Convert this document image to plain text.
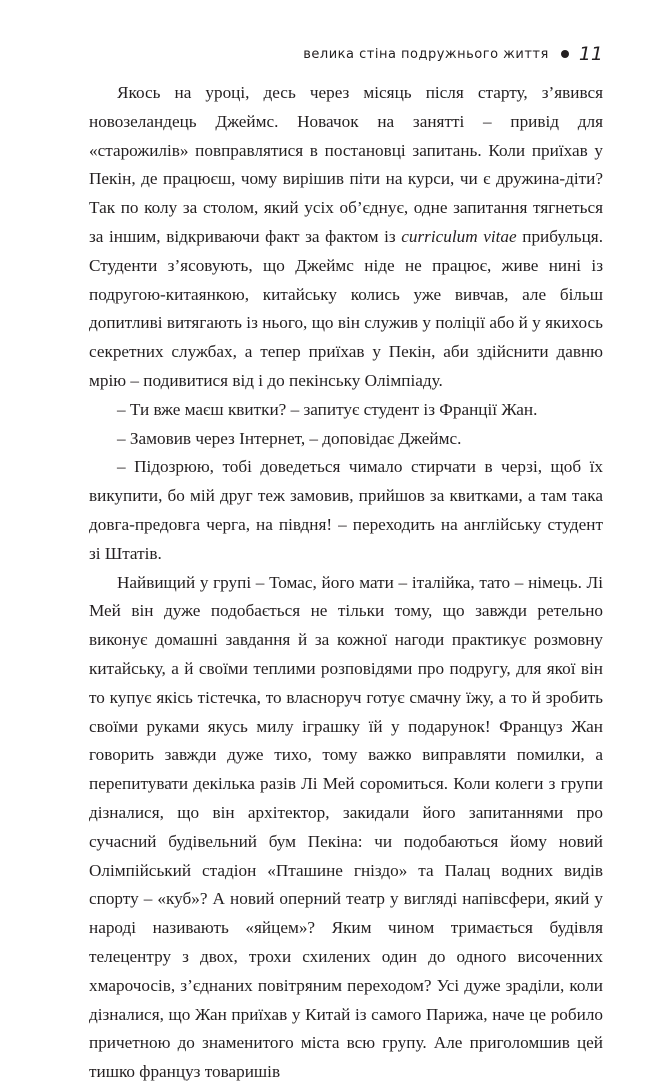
велика стіна подружнього життя 11

Якось на уроці, десь через місяць після старту, з’явився новозеландець Джеймс. Новачок на занятті – привід для «старожилів» повправлятися в постановці запитань. Коли приїхав у Пекін, де працюєш, чому вирішив піти на курси, чи є дружина-діти? Так по колу за столом, який усіх об’єднує, одне запитання тягнеться за іншим, відкриваючи факт за фактом із curriculum vitae прибульця. Студенти з’ясовують, що Джеймс ніде не працює, живе нині із подругою-китаянкою, китайську колись уже вивчав, але більш допитливі витягають із нього, що він служив у поліції або й у якихось секретних службах, а тепер приїхав у Пекін, аби здійснити давню мрію – подивитися від і до пекінську Олімпіаду.

– Ти вже маєш квитки? – запитує студент із Франції Жан.

– Замовив через Інтернет, – доповідає Джеймс.

– Підозрюю, тобі доведеться чимало стирчати в черзі, щоб їх викупити, бо мій друг теж замовив, прийшов за квитками, а там така довга-предовга черга, на півдня! – переходить на англійську студент зі Штатів.

Найвищий у групі – Томас, його мати – італійка, тато – німець. Лі Мей він дуже подобається не тільки тому, що завжди ретельно виконує домашні завдання й за кожної нагоди практикує розмовну китайську, а й своїми теплими розповідями про подругу, для якої він то купує якісь тістечка, то власноруч готує смачну їжу, а то й зробить своїми руками якусь милу іграшку їй у подарунок! Француз Жан говорить завжди дуже тихо, тому важко виправляти помилки, а перепитувати декілька разів Лі Мей соромиться. Коли колеги з групи дізналися, що він архітектор, закидали його запитаннями про сучасний будівельний бум Пекіна: чи подобаються йому новий Олімпійський стадіон «Пташине гніздо» та Палац водних видів спорту – «куб»? А новий оперний театр у вигляді напівсфери, який у народі називають «яйцем»? Яким чином тримається будівля телецентру з двох, трохи схилених один до одного височенних хмарочосів, з’єднаних повітряним переходом? Усі дуже зраділи, коли дізналися, що Жан приїхав у Китай із самого Парижа, наче це робило причетною до знаменитого міста всю групу. Але приголомшив цей тишко француз товаришів
